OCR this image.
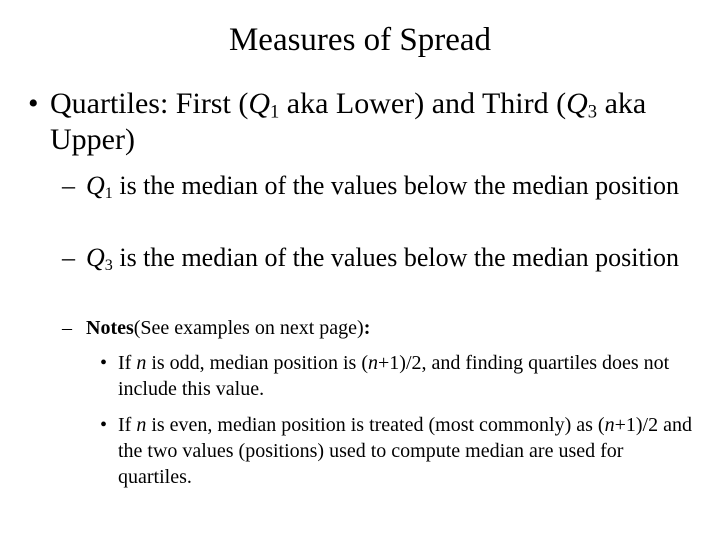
Measures of Spread
• Quartiles: First ($Q_1$ aka Lower) and Third ($Q_3$ aka Upper)
– $Q_1$ is the median of the values below the median position
– $Q_3$ is the median of the values below the median position
– Notes(See examples on next page):
• If n is odd, median position is (n+1)/2, and finding quartiles does not include this value.
• If n is even, median position is treated (most commonly) as (n+1)/2 and the two values (positions) used to compute median are used for quartiles.
